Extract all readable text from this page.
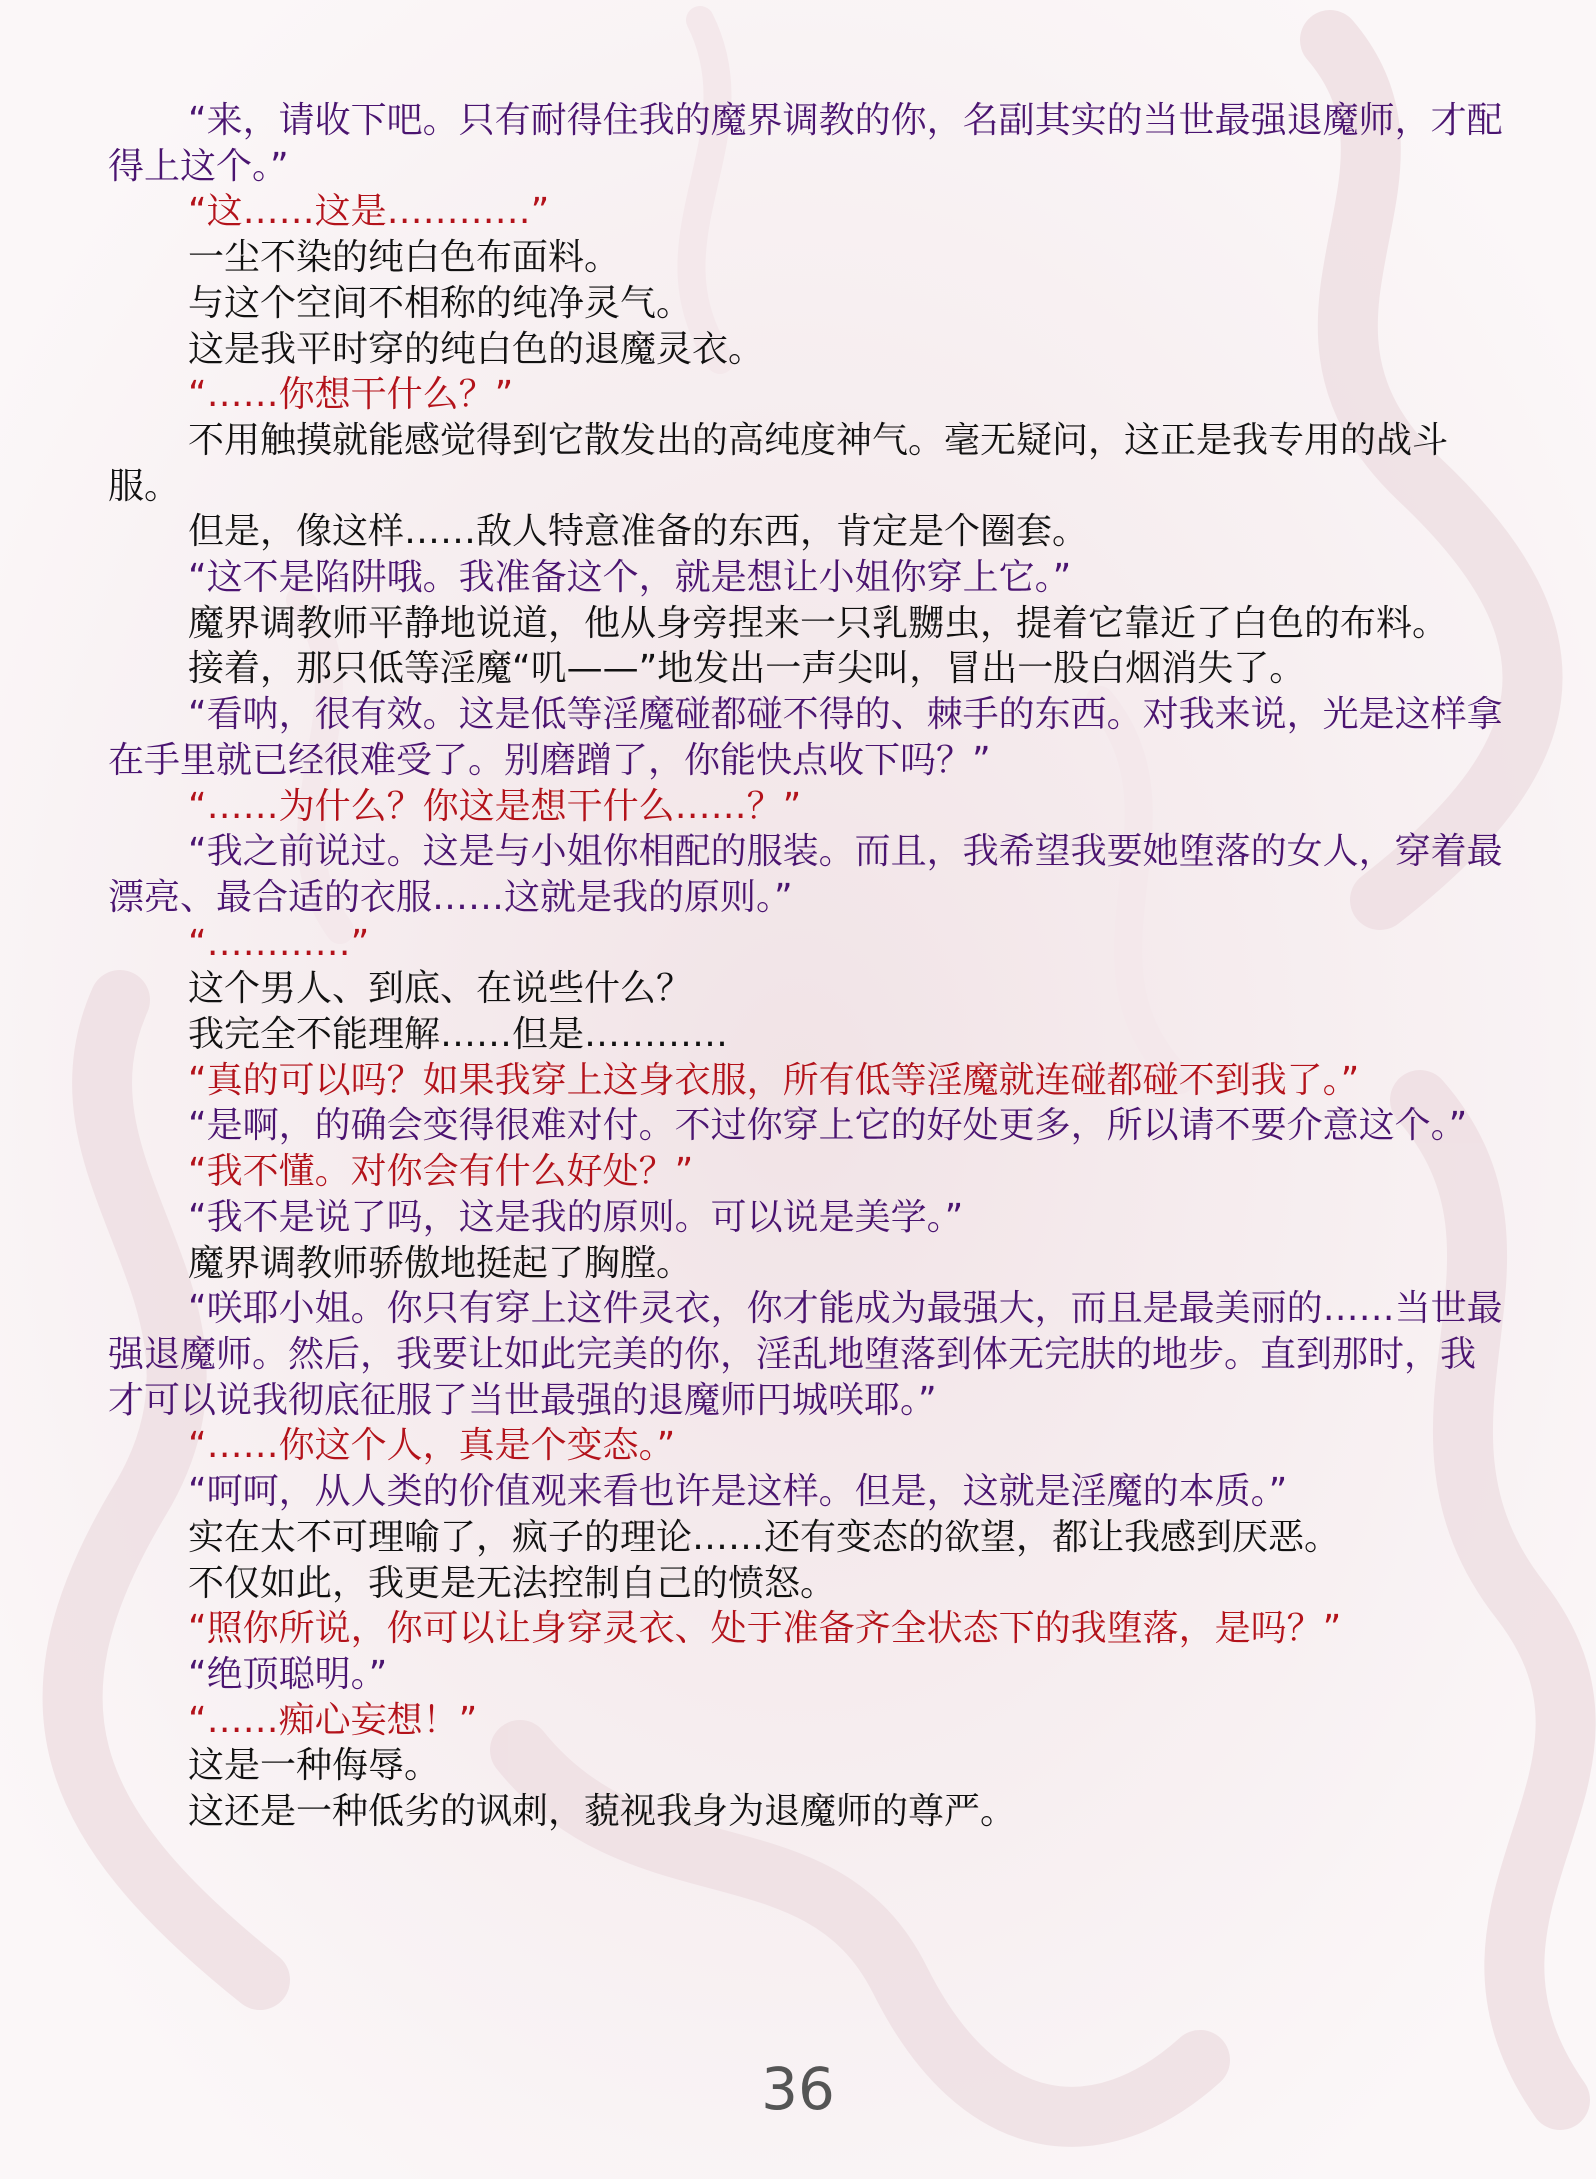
“来，请收下吧。只有耐得住我的魔界调教的你，名副其实的当世最强退魔师，才配得上这个。”

“这……这是…………”

一尘不染的纯白色布面料。

与这个空间不相称的纯净灵气。

这是我平时穿的纯白色的退魔灵衣。

“……你想干什么？”

不用触摸就能感觉得到它散发出的高纯度神气。毫无疑问，这正是我专用的战斗服。

但是，像这样……敌人特意准备的东西，肯定是个圈套。

“这不是陷阱哦。我准备这个，就是想让小姐你穿上它。”

魔界调教师平静地说道，他从身旁捏来一只乳嬲虫，提着它靠近了白色的布料。

接着，那只低等淫魔“叽——”地发出一声尖叫，冒出一股白烟消失了。

“看呐，很有效。这是低等淫魔碰都碰不得的、棘手的东西。对我来说，光是这样拿在手里就已经很难受了。别磨蹭了，你能快点收下吗？”

“……为什么？你这是想干什么……？”

“我之前说过。这是与小姐你相配的服装。而且，我希望我要她堕落的女人，穿着最漂亮、最合适的衣服……这就是我的原则。”

“…………”

这个男人、到底、在说些什么？

我完全不能理解……但是…………

“真的可以吗？如果我穿上这身衣服，所有低等淫魔就连碰都碰不到我了。”

“是啊，的确会变得很难对付。不过你穿上它的好处更多，所以请不要介意这个。”

“我不懂。对你会有什么好处？”

“我不是说了吗，这是我的原则。可以说是美学。”

魔界调教师骄傲地挺起了胸膛。

“咲耶小姐。你只有穿上这件灵衣，你才能成为最强大，而且是最美丽的……当世最强退魔师。然后，我要让如此完美的你，淫乱地堕落到体无完肤的地步。直到那时，我才可以说我彻底征服了当世最强的退魔师円城咲耶。”

“……你这个人，真是个变态。”

“呵呵，从人类的价值观来看也许是这样。但是，这就是淫魔的本质。”

实在太不可理喻了，疯子的理论……还有变态的欲望，都让我感到厌恶。

不仅如此，我更是无法控制自己的愤怒。

“照你所说，你可以让身穿灵衣、处于准备齐全状态下的我堕落，是吗？”

“绝顶聪明。”

“……痴心妄想！”

这是一种侮辱。

这还是一种低劣的讽刺，藐视我身为退魔师的尊严。

36
